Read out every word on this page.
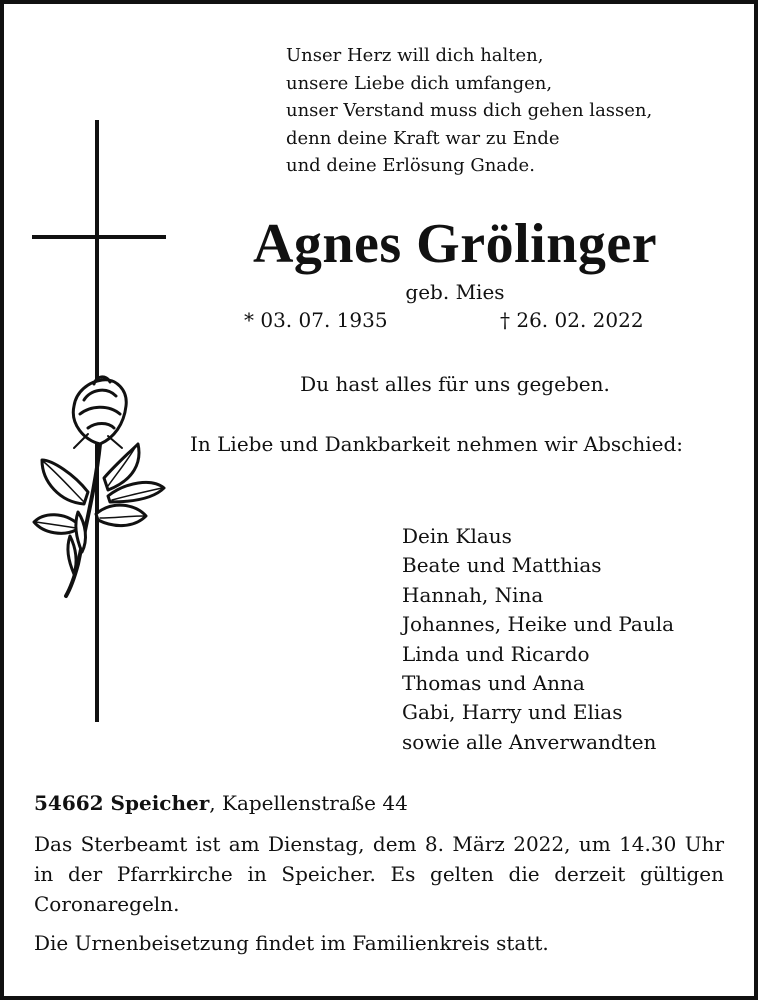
Unser Herz will dich halten,
unsere Liebe dich umfangen,
unser Verstand muss dich gehen lassen,
denn deine Kraft war zu Ende
und deine Erlösung Gnade.
Agnes Grölinger
geb. Mies
* 03. 07. 1935	† 26. 02. 2022
Du hast alles für uns gegeben.
In Liebe und Dankbarkeit nehmen wir Abschied:
Dein Klaus
Beate und Matthias
Hannah, Nina
Johannes, Heike und Paula
Linda und Ricardo
Thomas und Anna
Gabi, Harry und Elias
sowie alle Anverwandten
54662 Speicher, Kapellenstraße 44
Das Sterbeamt ist am Dienstag, dem 8. März 2022, um 14.30 Uhr in der Pfarrkirche in Speicher. Es gelten die derzeit gültigen Coronaregeln.
Die Urnenbeisetzung findet im Familienkreis statt.
